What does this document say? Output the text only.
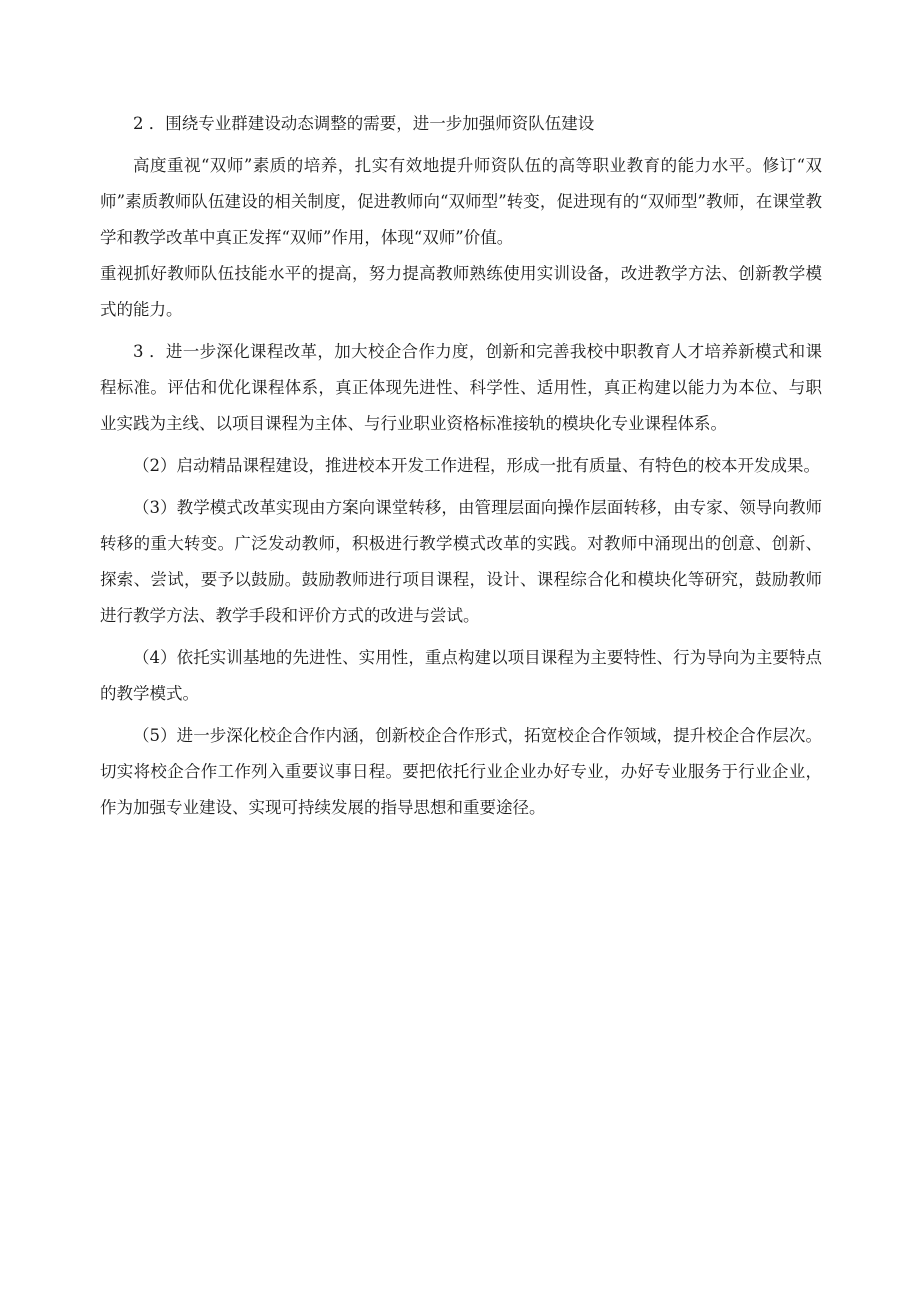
2 ．围绕专业群建设动态调整的需要，进一步加强师资队伍建设

高度重视“双师”素质的培养，扎实有效地提升师资队伍的高等职业教育的能力水平。修订“双师”素质教师队伍建设的相关制度，促进教师向“双师型”转变，促进现有的“双师型”教师，在课堂教学和教学改革中真正发挥“双师”作用，体现“双师”价值。

重视抓好教师队伍技能水平的提高，努力提高教师熟练使用实训设备，改进教学方法、创新教学模式的能力。

3 ．进一步深化课程改革，加大校企合作力度，创新和完善我校中职教育人才培养新模式和课程标准。评估和优化课程体系，真正体现先进性、科学性、适用性，真正构建以能力为本位、与职业实践为主线、以项目课程为主体、与行业职业资格标准接轨的模块化专业课程体系。

（2）启动精品课程建设，推进校本开发工作进程，形成一批有质量、有特色的校本开发成果。

（3）教学模式改革实现由方案向课堂转移，由管理层面向操作层面转移，由专家、领导向教师转移的重大转变。广泛发动教师，积极进行教学模式改革的实践。对教师中涌现出的创意、创新、探索、尝试，要予以鼓励。鼓励教师进行项目课程，设计、课程综合化和模块化等研究，鼓励教师进行教学方法、教学手段和评价方式的改进与尝试。

（4）依托实训基地的先进性、实用性，重点构建以项目课程为主要特性、行为导向为主要特点的教学模式。

（5）进一步深化校企合作内涵，创新校企合作形式，拓宽校企合作领域，提升校企合作层次。切实将校企合作工作列入重要议事日程。要把依托行业企业办好专业，办好专业服务于行业企业，作为加强专业建设、实现可持续发展的指导思想和重要途径。
